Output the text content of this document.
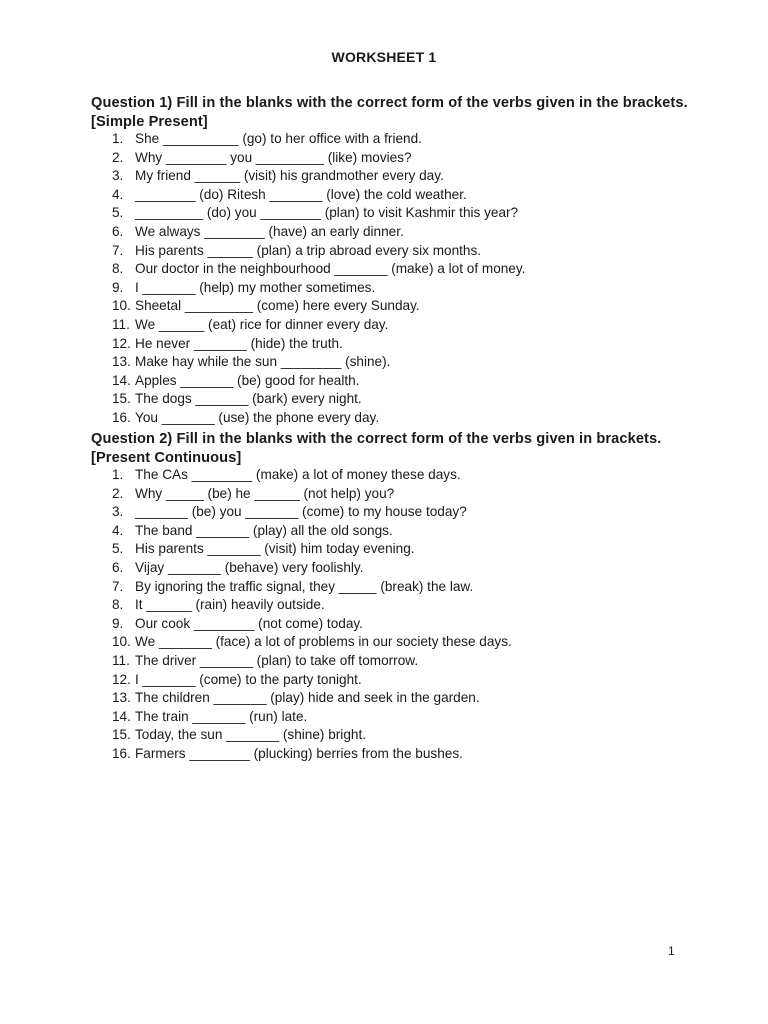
WORKSHEET 1
Question 1) Fill in the blanks with the correct form of the verbs given in the brackets. [Simple Present]
1. She __________ (go) to her office with a friend.
2. Why ________ you _________ (like) movies?
3. My friend ______ (visit) his grandmother every day.
4. ________ (do) Ritesh _______ (love) the cold weather.
5. _________ (do) you ________ (plan) to visit Kashmir this year?
6. We always ________ (have) an early dinner.
7. His parents ______ (plan) a trip abroad every six months.
8. Our doctor in the neighbourhood _______ (make) a lot of money.
9. I _______ (help) my mother sometimes.
10. Sheetal _________ (come) here every Sunday.
11. We ______ (eat) rice for dinner every day.
12. He never _______ (hide) the truth.
13. Make hay while the sun ________ (shine).
14. Apples _______ (be) good for health.
15. The dogs _______ (bark) every night.
16. You _______ (use) the phone every day.
Question 2) Fill in the blanks with the correct form of the verbs given in brackets. [Present Continuous]
1. The CAs ________ (make) a lot of money these days.
2. Why _____ (be) he ______ (not help) you?
3. _______ (be) you _______ (come) to my house today?
4. The band _______ (play) all the old songs.
5. His parents _______ (visit) him today evening.
6. Vijay _______ (behave) very foolishly.
7. By ignoring the traffic signal, they _____ (break) the law.
8. It ______ (rain) heavily outside.
9. Our cook ________ (not come) today.
10. We _______ (face) a lot of problems in our society these days.
11. The driver _______ (plan) to take off tomorrow.
12. I _______ (come) to the party tonight.
13. The children _______ (play) hide and seek in the garden.
14. The train _______ (run) late.
15. Today, the sun _______ (shine) bright.
16. Farmers ________ (plucking) berries from the bushes.
1
